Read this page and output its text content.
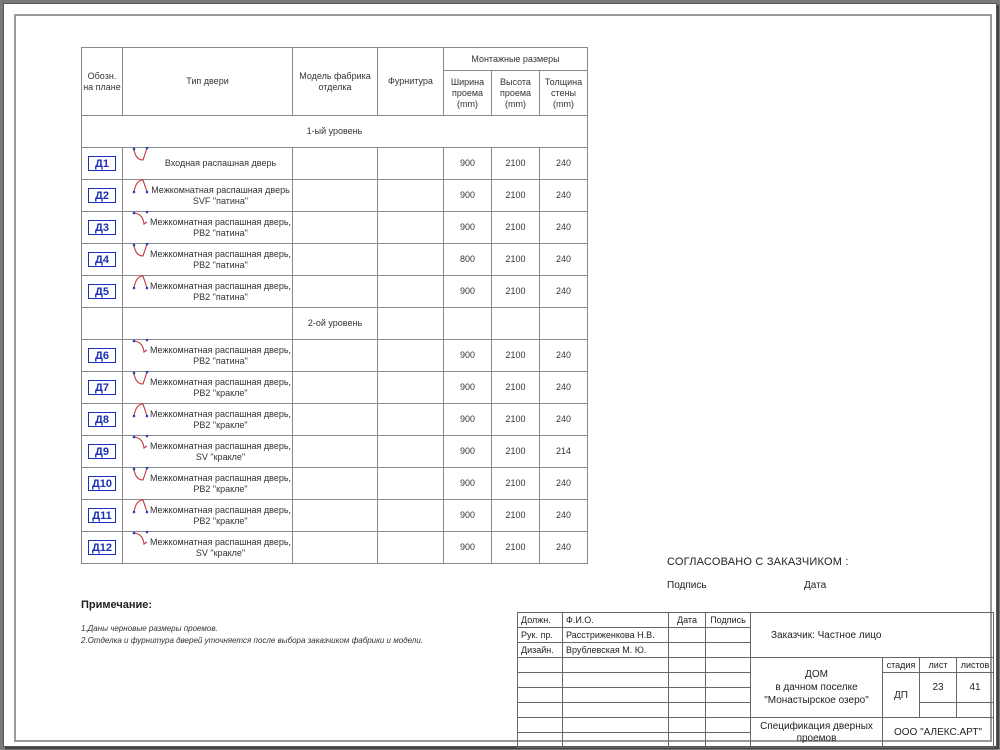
Обозн. на плане	Тип двери	Модель фабрика отделка	Фурнитура	Монтажные размеры		
				Ширина проема (mm)	Высота проема (mm)	Толщина стены (mm)
1-ый уровень						
Д1	Входная распашная дверь			900	2100	240
Д2	Межкомнатная распашная дверь SVF "патина"			900	2100	240
Д3	Межкомнатная распашная дверь, PB2 "патина"			900	2100	240
Д4	Межкомнатная распашная дверь, PB2 "патина"			800	2100	240
Д5	Межкомнатная распашная дверь, PB2 "патина"			900	2100	240
		2-ой уровень				
Д6	Межкомнатная распашная дверь, PB2 "патина"			900	2100	240
Д7	Межкомнатная распашная дверь, PB2 "кракле"			900	2100	240
Д8	Межкомнатная распашная дверь, PB2 "кракле"			900	2100	240
Д9	Межкомнатная распашная дверь, SV "кракле"			900	2100	214
Д10	Межкомнатная распашная дверь, PB2 "кракле"			900	2100	240
Д11	Межкомнатная распашная дверь, PB2 "кракле"			900	2100	240
Д12	Межкомнатная распашная дверь, SV "кракле"			900	2100	240
СОГЛАСОВАНО С ЗАКАЗЧИКОМ :
Подпись	Дата
Примечание:
1.Даны черновые размеры проемов.
2.Отделка и фурнитура дверей уточняется после выбора заказчиком фабрики и модели.
Должн.	Ф.И.О.	Дата	Подпись	Заказчик: Частное лицо			
Рук. пр.	Расстриженкова Н.В.						
Дизайн.	Врублевская М. Ю.						
				ДОМ
в дачном поселке
"Монастырское озеро"	стадия	лист	листов
					ДП	23	41

				Спецификация дверных проемов	ООО "АЛЕКС.АРТ"		
